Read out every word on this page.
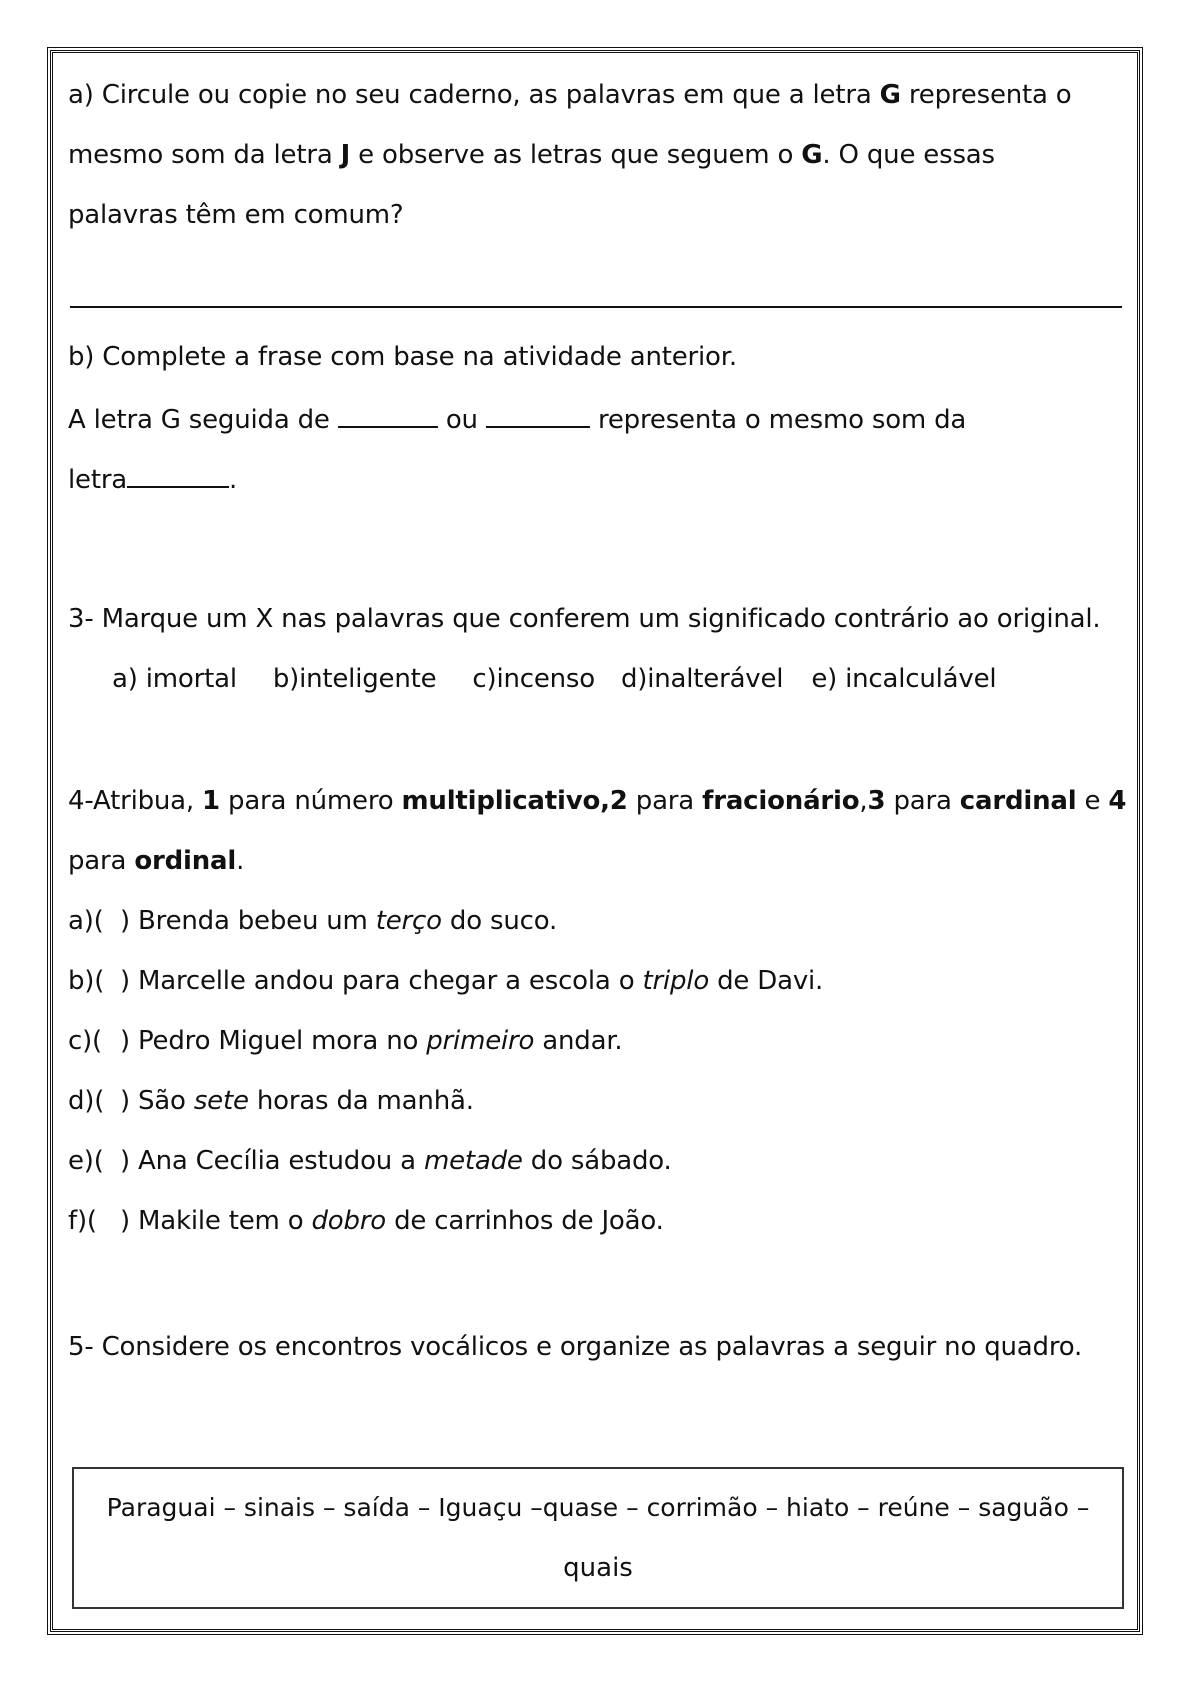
a) Circule ou copie no seu caderno, as palavras em que a letra G representa o
mesmo som da letra J e observe as letras que seguem o G. O que essas
palavras têm em comum?
b) Complete a frase com base na atividade anterior.
A letra G seguida de	ou	representa o mesmo som da
letra	.
3- Marque um X nas palavras que conferem um significado contrário ao original.
a) imortal b)inteligente c)incenso d)inalterável e) incalculável
4-Atribua, 1 para número multiplicativo,2 para fracionário,3 para cardinal e 4
para ordinal.
a)( ) Brenda bebeu um terço do suco.
b)( ) Marcelle andou para chegar a escola o triplo de Davi.
c)( ) Pedro Miguel mora no primeiro andar.
d)( ) São sete horas da manhã.
e)( ) Ana Cecília estudou a metade do sábado.
f)( ) Makile tem o dobro de carrinhos de João.
5- Considere os encontros vocálicos e organize as palavras a seguir no quadro.
Paraguai – sinais – saída – Iguaçu –quase – corrimão – hiato – reúne – saguão –
quais
